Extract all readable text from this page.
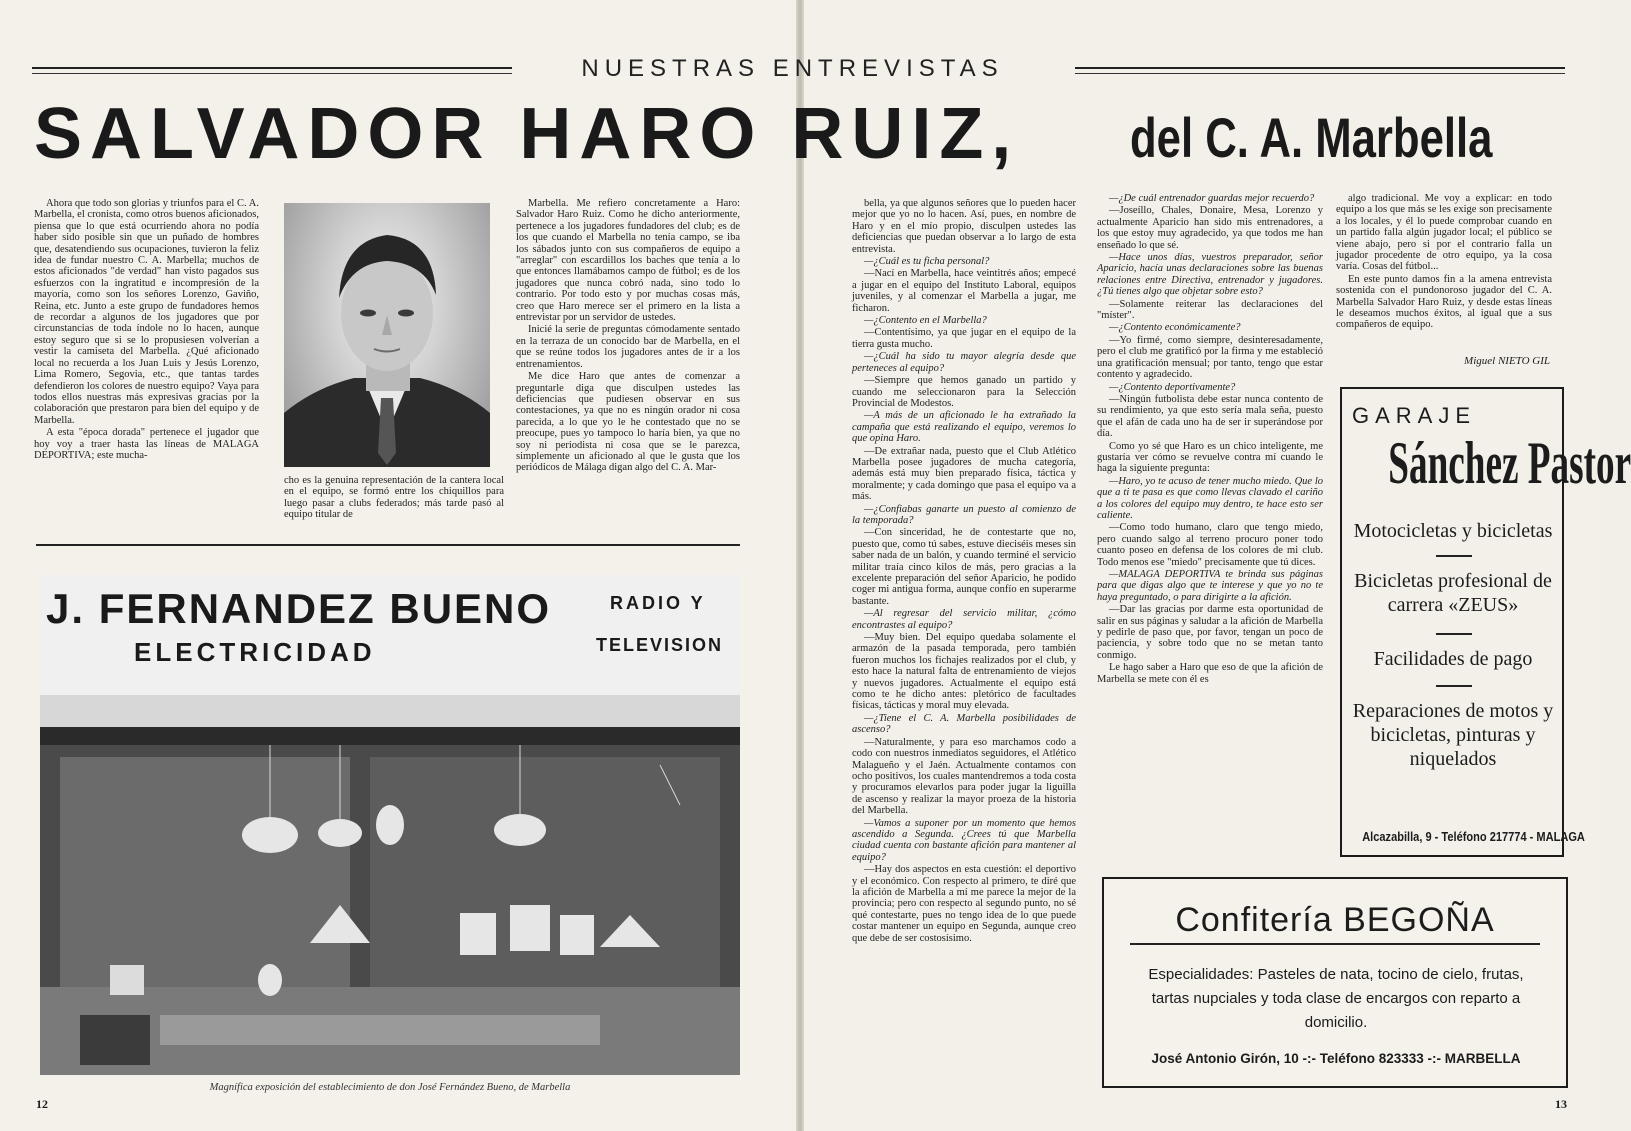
NUESTRAS ENTREVISTAS
SALVADOR HARO RUIZ, del C. A. Marbella

Ahora que todo son glorias y triunfos para el C. A. Marbella, el cronista, como otros buenos aficionados, piensa que lo que está ocurriendo ahora no podía haber sido posible sin que un puñado de hombres que, desatendiendo sus ocupaciones, tuvieron la feliz idea de fundar nuestro C. A. Marbella; muchos de estos aficionados "de verdad" han visto pagados sus esfuerzos con la ingratitud e incompresión de la mayoría, como son los señores Lorenzo, Gaviño, Reina, etc. Junto a este grupo de fundadores hemos de recordar a algunos de los jugadores que por circunstancias de toda índole no lo hacen, aunque estoy seguro que si se lo propusiesen volverían a vestir la camiseta del Marbella. ¿Qué aficionado local no recuerda a los Juan Luis y Jesús Lorenzo, Lima Romero, Segovia, etc., que tantas tardes defendieron los colores de nuestro equipo? Vaya para todos ellos nuestras más expresivas gracias por la colaboración que prestaron para bien del equipo y de Marbella.

A esta "época dorada" pertenece el jugador que hoy voy a traer hasta las líneas de MALAGA DEPORTIVA; este mucha-

cho es la genuina representación de la cantera local en el equipo, se formó entre los chiquillos para luego pasar a clubs federados; más tarde pasó al equipo titular de

Marbella. Me refiero concretamente a Haro: Salvador Haro Ruiz. Como he dicho anteriormente, pertenece a los jugadores fundadores del club; es de los que cuando el Marbella no tenía campo, se iba los sábados junto con sus compañeros de equipo a "arreglar" con escardillos los baches que tenía a lo que entonces llamábamos campo de fútbol; es de los jugadores que nunca cobró nada, sino todo lo contrario. Por todo esto y por muchas cosas más, creo que Haro merece ser el primero en la lista a entrevistar por un servidor de ustedes.

Inicié la serie de preguntas cómodamente sentado en la terraza de un conocido bar de Marbella, en el que se reúne todos los jugadores antes de ir a los entrenamientos.

Me dice Haro que antes de comenzar a preguntarle diga que disculpen ustedes las deficiencias que pudiesen observar en sus contestaciones, ya que no es ningún orador ni cosa parecida, a lo que yo le he contestado que no se preocupe, pues yo tampoco lo haría bien, ya que no soy ni periodista ni cosa que se le parezca, simplemente un aficionado al que le gusta que los periódicos de Málaga digan algo del C. A. Mar-

J. FERNANDEZ BUENO
ELECTRICIDAD
RADIO Y
TELEVISION
Magnífica exposición del establecimiento de don José Fernández Bueno, de Marbella
12

bella, ya que algunos señores que lo pueden hacer mejor que yo no lo hacen. Así, pues, en nombre de Haro y en el mío propio, disculpen ustedes las deficiencias que puedan observar a lo largo de esta entrevista.

—¿Cuál es tu ficha personal?

—Nací en Marbella, hace veintitrés años; empecé a jugar en el equipo del Instituto Laboral, equipos juveniles, y al comenzar el Marbella a jugar, me ficharon.

—¿Contento en el Marbella?

—Contentísimo, ya que jugar en el equipo de la tierra gusta mucho.

—¿Cuál ha sido tu mayor alegría desde que perteneces al equipo?

—Siempre que hemos ganado un partido y cuando me seleccionaron para la Selección Provincial de Modestos.

—A más de un aficionado le ha extrañado la campaña que está realizando el equipo, veremos lo que opina Haro.

—De extrañar nada, puesto que el Club Atlético Marbella posee jugadores de mucha categoría, además está muy bien preparado física, táctica y moralmente; y cada domingo que pasa el equipo va a más.

—¿Confiabas ganarte un puesto al comienzo de la temporada?

—Con sinceridad, he de contestarte que no, puesto que, como tú sabes, estuve dieciséis meses sin saber nada de un balón, y cuando terminé el servicio militar traía cinco kilos de más, pero gracias a la excelente preparación del señor Aparicio, he podido coger mi antigua forma, aunque confío en superarme bastante.

—Al regresar del servicio militar, ¿cómo encontrastes al equipo?

—Muy bien. Del equipo quedaba solamente el armazón de la pasada temporada, pero también fueron muchos los fichajes realizados por el club, y esto hace la natural falta de entrenamiento de viejos y nuevos jugadores. Actualmente el equipo está como te he dicho antes: pletórico de facultades físicas, tácticas y moral muy elevada.

—¿Tiene el C. A. Marbella posibilidades de ascenso?

—Naturalmente, y para eso marchamos codo a codo con nuestros inmediatos seguidores, el Atlético Malagueño y el Jaén. Actualmente contamos con ocho positivos, los cuales mantendremos a toda costa y procuramos elevarlos para poder jugar la liguilla de ascenso y realizar la mayor proeza de la historia del Marbella.

—Vamos a suponer por un momento que hemos ascendido a Segunda. ¿Crees tú que Marbella ciudad cuenta con bastante afición para mantener al equipo?

—Hay dos aspectos en esta cuestión: el deportivo y el económico. Con respecto al primero, te diré que la afición de Marbella a mí me parece la mejor de la provincia; pero con respecto al segundo punto, no sé qué contestarte, pues no tengo idea de lo que puede costar mantener un equipo en Segunda, aunque creo que debe de ser costosísimo.

—¿De cuál entrenador guardas mejor recuerdo?

—Joseíllo, Chales, Donaire, Mesa, Lorenzo y actualmente Aparicio han sido mis entrenadores, a los que estoy muy agradecido, ya que todos me han enseñado lo que sé.

—Hace unos días, vuestros preparador, señor Aparicio, hacía unas declaraciones sobre las buenas relaciones entre Directiva, entrenador y jugadores. ¿Tú tienes algo que objetar sobre esto?

—Solamente reiterar las declaraciones del "míster".

—¿Contento económicamente?

—Yo firmé, como siempre, desinteresadamente, pero el club me gratificó por la firma y me estableció una gratificación mensual; por tanto, tengo que estar contento y agradecido.

—¿Contento deportivamente?

—Ningún futbolista debe estar nunca contento de su rendimiento, ya que esto sería mala seña, puesto que el afán de cada uno ha de ser ir superándose por día.

Como yo sé que Haro es un chico inteligente, me gustaría ver cómo se revuelve contra mí cuando le haga la siguiente pregunta:

—Haro, yo te acuso de tener mucho miedo. Que lo que a ti te pasa es que como llevas clavado el cariño a los colores del equipo muy dentro, te hace esto ser caliente.

—Como todo humano, claro que tengo miedo, pero cuando salgo al terreno procuro poner todo cuanto poseo en defensa de los colores de mi club. Todo menos ese "miedo" precisamente que tú dices.

—MALAGA DEPORTIVA te brinda sus páginas para que digas algo que te interese y que yo no te haya preguntado, o para dirigirte a la afición.

—Dar las gracias por darme esta oportunidad de salir en sus páginas y saludar a la afición de Marbella y pedirle de paso que, por favor, tengan un poco de paciencia, y sobre todo que no se metan tanto conmigo.

Le hago saber a Haro que eso de que la afición de Marbella se mete con él es

algo tradicional. Me voy a explicar: en todo equipo a los que más se les exige son precisamente a los locales, y él lo puede comprobar cuando en un partido falla algún jugador local; el público se viene abajo, pero si por el contrario falla un jugador procedente de otro equipo, ya la cosa varía. Cosas del fútbol...

En este punto damos fin a la amena entrevista sostenida con el pundonoroso jugador del C. A. Marbella Salvador Haro Ruiz, y desde estas líneas le deseamos muchos éxitos, al igual que a sus compañeros de equipo.

Miguel NIETO GIL
GARAJE
Sánchez Pastor
Motocicletas y bicicletas
Bicicletas profesional de carrera «ZEUS»
Facilidades de pago
Reparaciones de motos y bicicletas, pinturas y niquelados
Alcazabilla, 9 - Teléfono 217774 - MALAGA
Confitería BEGOÑA
Especialidades: Pasteles de nata, tocino de cielo, frutas, tartas nupciales y toda clase de encargos con reparto a domicilio.
José Antonio Girón, 10 -:- Teléfono 823333 -:- MARBELLA
13
